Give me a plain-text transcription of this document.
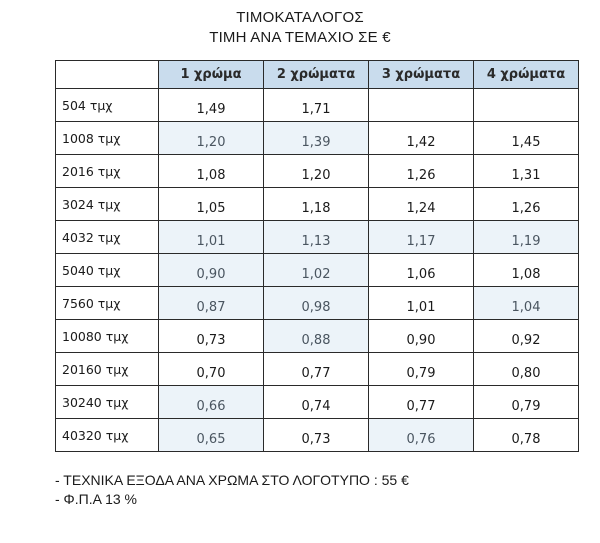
ΤΙΜΟΚΑΤΑΛΟΓΟΣ
ΤΙΜΗ ΑΝΑ ΤΕΜΑΧΙΟ ΣΕ €
	1 χρώμα	2 χρώματα	3 χρώματα	4 χρώματα
504 τμχ	1,49	1,71		
1008 τμχ	1,20	1,39	1,42	1,45
2016 τμχ	1,08	1,20	1,26	1,31
3024 τμχ	1,05	1,18	1,24	1,26
4032 τμχ	1,01	1,13	1,17	1,19
5040 τμχ	0,90	1,02	1,06	1,08
7560 τμχ	0,87	0,98	1,01	1,04
10080 τμχ	0,73	0,88	0,90	0,92
20160 τμχ	0,70	0,77	0,79	0,80
30240 τμχ	0,66	0,74	0,77	0,79
40320 τμχ	0,65	0,73	0,76	0,78
- ΤΕΧΝΙΚΑ ΕΞΟΔΑ ΑΝΑ ΧΡΩΜΑ ΣΤΟ ΛΟΓΟΤΥΠΟ : 55 €
- Φ.Π.Α 13 %
